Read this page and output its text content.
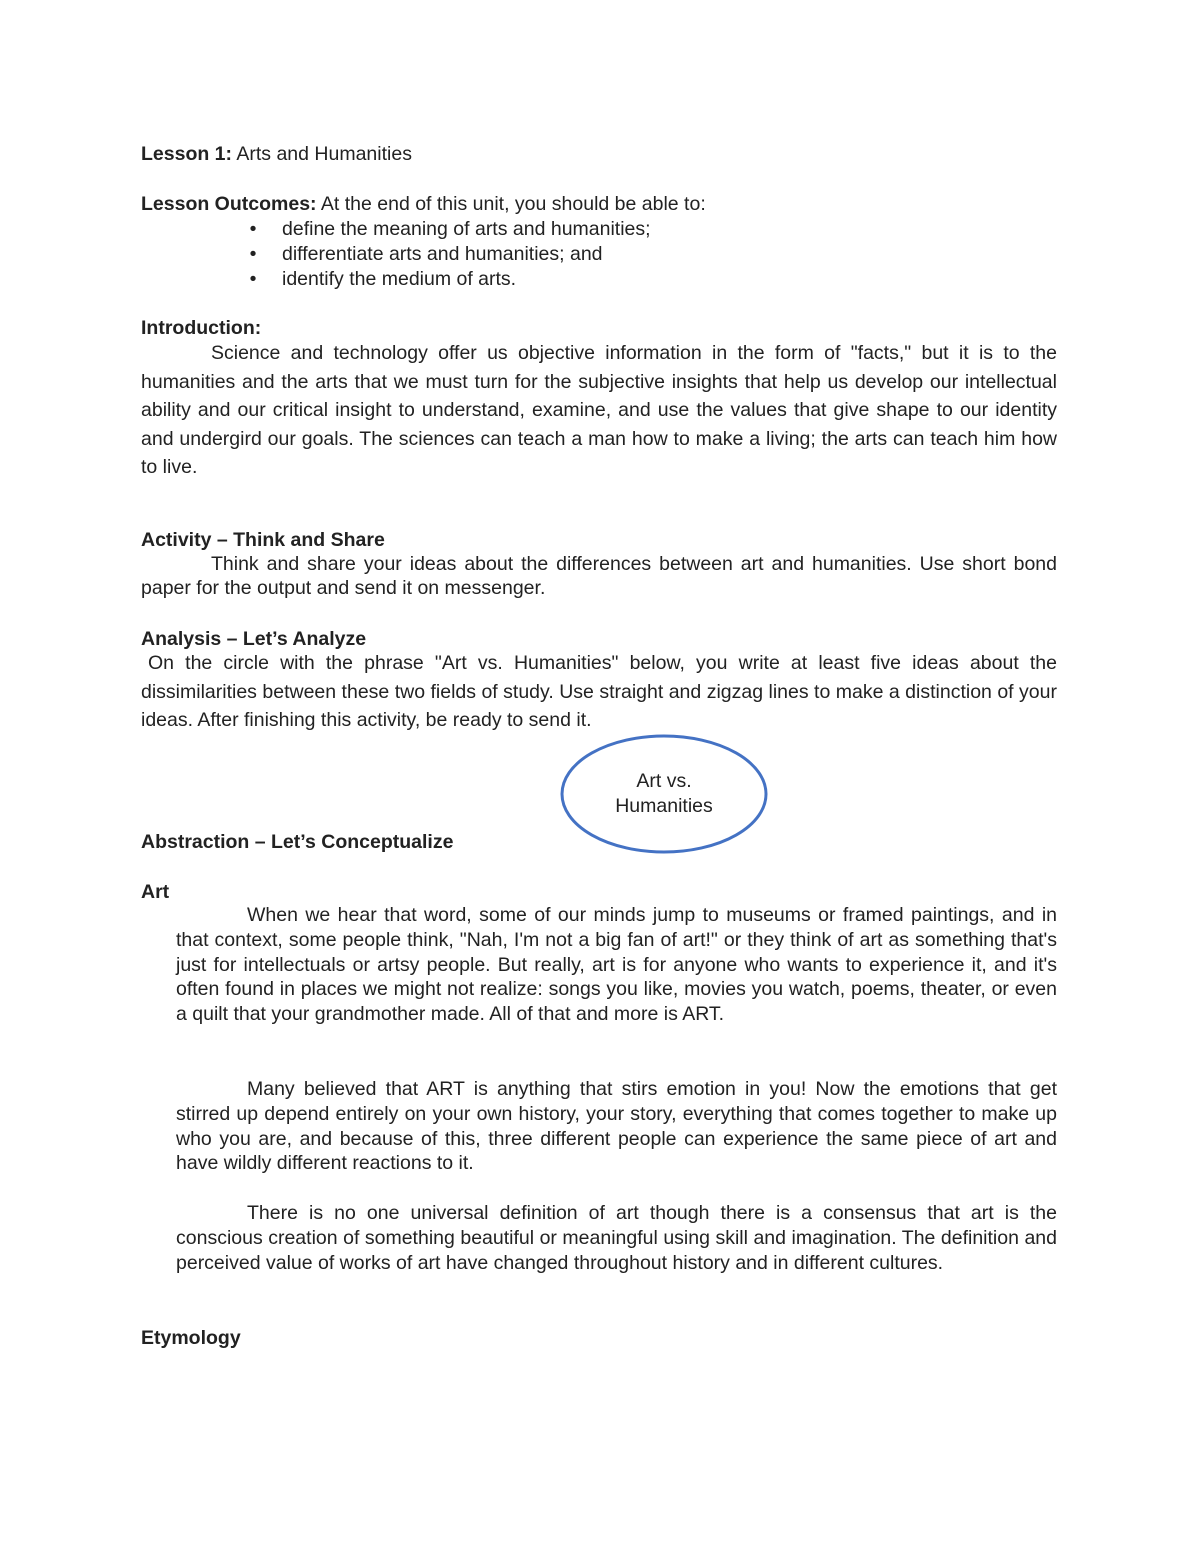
Lesson 1: Arts and Humanities
Lesson Outcomes: At the end of this unit, you should be able to:
• define the meaning of arts and humanities;
• differentiate arts and humanities; and
• identify the medium of arts.
Introduction:
Science and technology offer us objective information in the form of "facts," but it is to the humanities and the arts that we must turn for the subjective insights that help us develop our intellectual ability and our critical insight to understand, examine, and use the values that give shape to our identity and undergird our goals. The sciences can teach a man how to make a living; the arts can teach him how to live.
Activity – Think and Share
Think and share your ideas about the differences between art and humanities. Use short bond paper for the output and send it on messenger.
Analysis – Let’s Analyze
On the circle with the phrase "Art vs. Humanities" below, you write at least five ideas about the dissimilarities between these two fields of study. Use straight and zigzag lines to make a distinction of your ideas. After finishing this activity, be ready to send it.
Art vs.
Humanities
Abstraction – Let’s Conceptualize
Art
When we hear that word, some of our minds jump to museums or framed paintings, and in that context, some people think, "Nah, I'm not a big fan of art!" or they think of art as something that's just for intellectuals or artsy people. But really, art is for anyone who wants to experience it, and it's often found in places we might not realize: songs you like, movies you watch, poems, theater, or even a quilt that your grandmother made. All of that and more is ART.
Many believed that ART is anything that stirs emotion in you! Now the emotions that get stirred up depend entirely on your own history, your story, everything that comes together to make up who you are, and because of this, three different people can experience the same piece of art and have wildly different reactions to it.
There is no one universal definition of art though there is a consensus that art is the conscious creation of something beautiful or meaningful using skill and imagination. The definition and perceived value of works of art have changed throughout history and in different cultures.
Etymology
